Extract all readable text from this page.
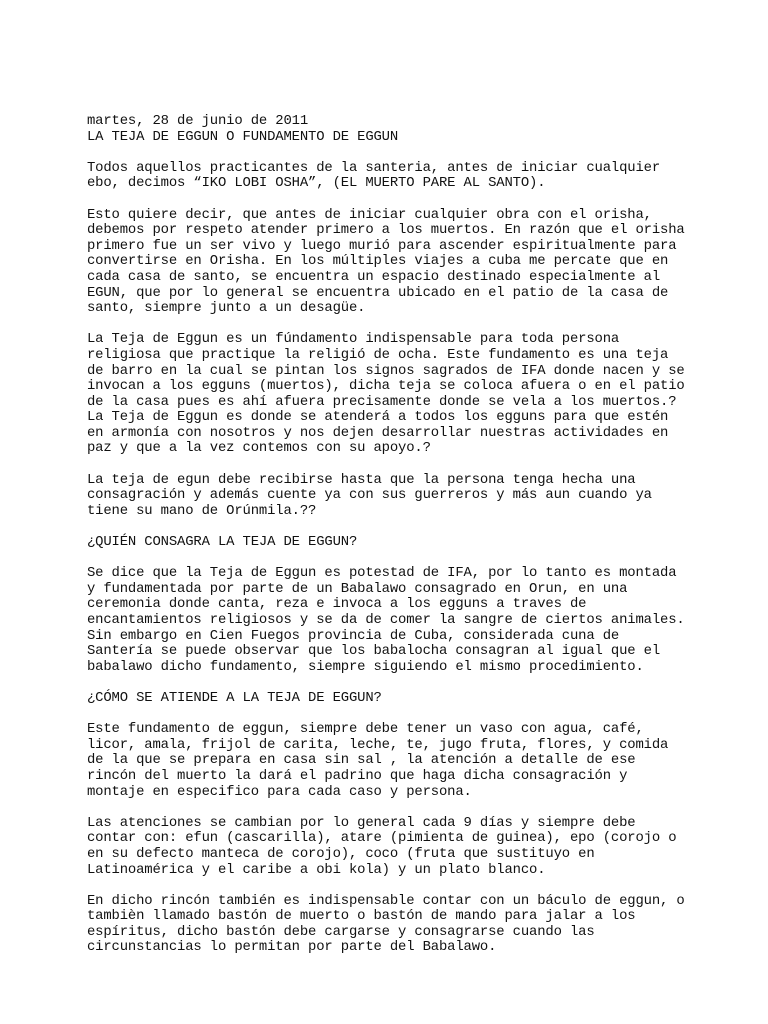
martes, 28 de junio de 2011
LA TEJA DE EGGUN O FUNDAMENTO DE EGGUN
Todos aquellos practicantes de la santeria, antes de iniciar cualquier
ebo, decimos “IKO LOBI OSHA”, (EL MUERTO PARE AL SANTO).
Esto quiere decir, que antes de iniciar cualquier obra con el orisha,
debemos por respeto atender primero a los muertos. En razón que el orisha
primero fue un ser vivo y luego murió para ascender espiritualmente para
convertirse en Orisha. En los múltiples viajes a cuba me percate que en
cada casa de santo, se encuentra un espacio destinado especialmente al
EGUN, que por lo general se encuentra ubicado en el patio de la casa de
santo, siempre junto a un desagüe.
La Teja de Eggun es un fúndamento indispensable para toda persona
religiosa que practique la religió de ocha. Este fundamento es una teja
de barro en la cual se pintan los signos sagrados de IFA donde nacen y se
invocan a los egguns (muertos), dicha teja se coloca afuera o en el patio
de la casa pues es ahí afuera precisamente donde se vela a los muertos.?
La Teja de Eggun es donde se atenderá a todos los egguns para que estén
en armonía con nosotros y nos dejen desarrollar nuestras actividades en
paz y que a la vez contemos con su apoyo.?
La teja de egun debe recibirse hasta que la persona tenga hecha una
consagración y además cuente ya con sus guerreros y más aun cuando ya
tiene su mano de Orúnmila.??
¿QUIÉN CONSAGRA LA TEJA DE EGGUN?
Se dice que la Teja de Eggun es potestad de IFA, por lo tanto es montada
y fundamentada por parte de un Babalawo consagrado en Orun, en una
ceremonia donde canta, reza e invoca a los egguns a traves de
encantamientos religiosos y se da de comer la sangre de ciertos animales.
Sin embargo en Cien Fuegos provincia de Cuba, considerada cuna de
Santería se puede observar que los babalocha consagran al igual que el
babalawo dicho fundamento, siempre siguiendo el mismo procedimiento.
¿CÓMO SE ATIENDE A LA TEJA DE EGGUN?
Este fundamento de eggun, siempre debe tener un vaso con agua, café,
licor, amala, frijol de carita, leche, te, jugo fruta, flores, y comida
de la que se prepara en casa sin sal , la atención a detalle de ese
rincón del muerto la dará el padrino que haga dicha consagración y
montaje en especifico para cada caso y persona.
Las atenciones se cambian por lo general cada 9 días y siempre debe
contar con: efun (cascarilla), atare (pimienta de guinea), epo (corojo o
en su defecto manteca de corojo), coco (fruta que sustituyo en
Latinoamérica y el caribe a obi kola) y un plato blanco.
En dicho rincón también es indispensable contar con un báculo de eggun, o
tambièn llamado bastón de muerto o bastón de mando para jalar a los
espíritus, dicho bastón debe cargarse y consagrarse cuando las
circunstancias lo permitan por parte del Babalawo.
